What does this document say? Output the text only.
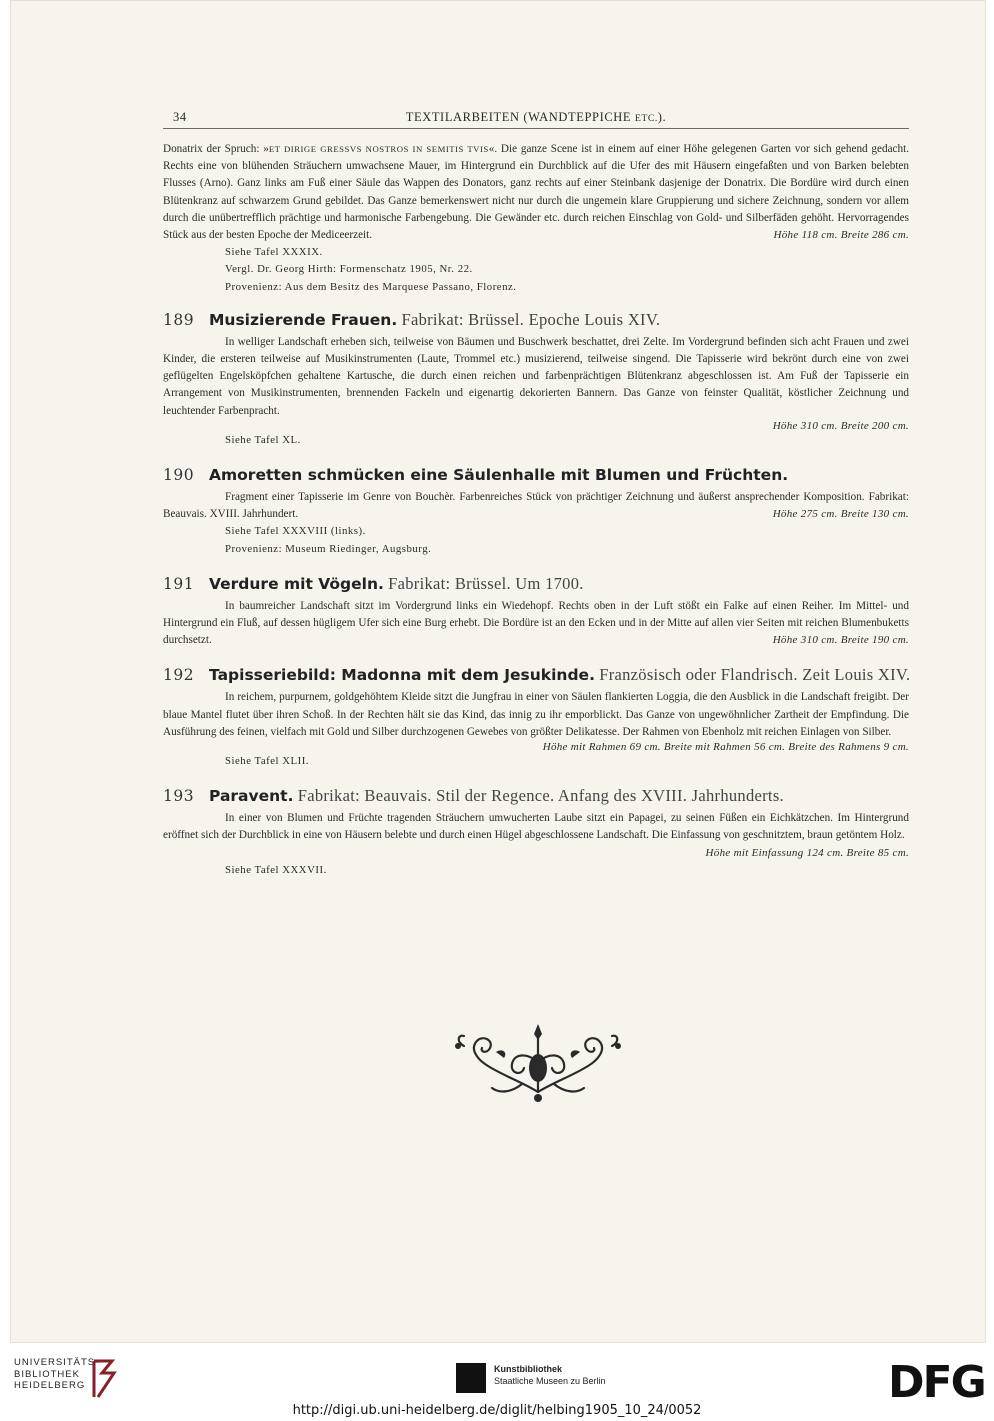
34	TEXTILARBEITEN (WANDTEPPICHE ETC.).

Donatrix der Spruch: »ET DIRIGE GRESSVS NOSTROS IN SEMITIS TVIS«. Die ganze Scene ist in einem auf einer Höhe gelegenen Garten vor sich gehend gedacht. Rechts eine von blühenden Sträuchern umwachsene Mauer, im Hintergrund ein Durchblick auf die Ufer des mit Häusern eingefaßten und von Barken belebten Flusses (Arno). Ganz links am Fuß einer Säule das Wappen des Donators, ganz rechts auf einer Steinbank dasjenige der Donatrix. Die Bordüre wird durch einen Blütenkranz auf schwarzem Grund gebildet. Das Ganze bemerkenswert nicht nur durch die ungemein klare Gruppierung und sichere Zeichnung, sondern vor allem durch die unübertrefflich prächtige und harmonische Farbengebung. Die Gewänder etc. durch reichen Einschlag von Gold- und Silberfäden gehöht. Hervorragendes Stück aus der besten Epoche der Mediceerzeit.	Höhe 118 cm. Breite 286 cm.

Siehe Tafel XXXIX.
Vergl. Dr. Georg Hirth: Formenschatz 1905, Nr. 22.
Provenienz: Aus dem Besitz des Marquese Passano, Florenz.

189 Musizierende Frauen. Fabrikat: Brüssel. Epoche Louis XIV.

In welliger Landschaft erheben sich, teilweise von Bäumen und Buschwerk beschattet, drei Zelte. Im Vordergrund befinden sich acht Frauen und zwei Kinder, die ersteren teilweise auf Musikinstrumenten (Laute, Trommel etc.) musizierend, teilweise singend. Die Tapisserie wird bekrönt durch eine von zwei geflügelten Engelsköpfchen gehaltene Kartusche, die durch einen reichen und farbenprächtigen Blütenkranz abgeschlossen ist. Am Fuß der Tapisserie ein Arrangement von Musikinstrumenten, brennenden Fackeln und eigenartig dekorierten Bannern. Das Ganze von feinster Qualität, köstlicher Zeichnung und leuchtender Farbenpracht.

Höhe 310 cm. Breite 200 cm.
Siehe Tafel XL.

190 Amoretten schmücken eine Säulenhalle mit Blumen und Früchten.

Fragment einer Tapisserie im Genre von Bouchèr. Farbenreiches Stück von prächtiger Zeichnung und äußerst ansprechender Komposition. Fabrikat: Beauvais. XVIII. Jahrhundert.	Höhe 275 cm. Breite 130 cm.

Siehe Tafel XXXVIII (links).
Provenienz: Museum Riedinger, Augsburg.

191 Verdure mit Vögeln. Fabrikat: Brüssel. Um 1700.

In baumreicher Landschaft sitzt im Vordergrund links ein Wiedehopf. Rechts oben in der Luft stößt ein Falke auf einen Reiher. Im Mittel- und Hintergrund ein Fluß, auf dessen hügligem Ufer sich eine Burg erhebt. Die Bordüre ist an den Ecken und in der Mitte auf allen vier Seiten mit reichen Blumenbuketts durchsetzt.	Höhe 310 cm. Breite 190 cm.

192 Tapisseriebild: Madonna mit dem Jesukinde. Französisch oder Flandrisch. Zeit Louis XIV.

In reichem, purpurnem, goldgehöhtem Kleide sitzt die Jungfrau in einer von Säulen flankierten Loggia, die den Ausblick in die Landschaft freigibt. Der blaue Mantel flutet über ihren Schoß. In der Rechten hält sie das Kind, das innig zu ihr emporblickt. Das Ganze von ungewöhnlicher Zartheit der Empfindung. Die Ausführung des feinen, vielfach mit Gold und Silber durchzogenen Gewebes von größter Delikatesse. Der Rahmen von Ebenholz mit reichen Einlagen von Silber.

Höhe mit Rahmen 69 cm. Breite mit Rahmen 56 cm. Breite des Rahmens 9 cm.
Siehe Tafel XLII.

193 Paravent. Fabrikat: Beauvais. Stil der Regence. Anfang des XVIII. Jahrhunderts.

In einer von Blumen und Früchte tragenden Sträuchern umwucherten Laube sitzt ein Papagei, zu seinen Füßen ein Eichkätzchen. Im Hintergrund eröffnet sich der Durchblick in eine von Häusern belebte und durch einen Hügel abgeschlossene Landschaft. Die Einfassung von geschnitztem, braun getöntem Holz.
Höhe mit Einfassung 124 cm. Breite 85 cm.

Siehe Tafel XXXVII.
UNIVERSITÄTS-
BIBLIOTHEK
HEIDELBERG
Kunstbibliothek
Staatliche Museen zu Berlin	DFG
http://digi.ub.uni-heidelberg.de/diglit/helbing1905_10_24/0052
